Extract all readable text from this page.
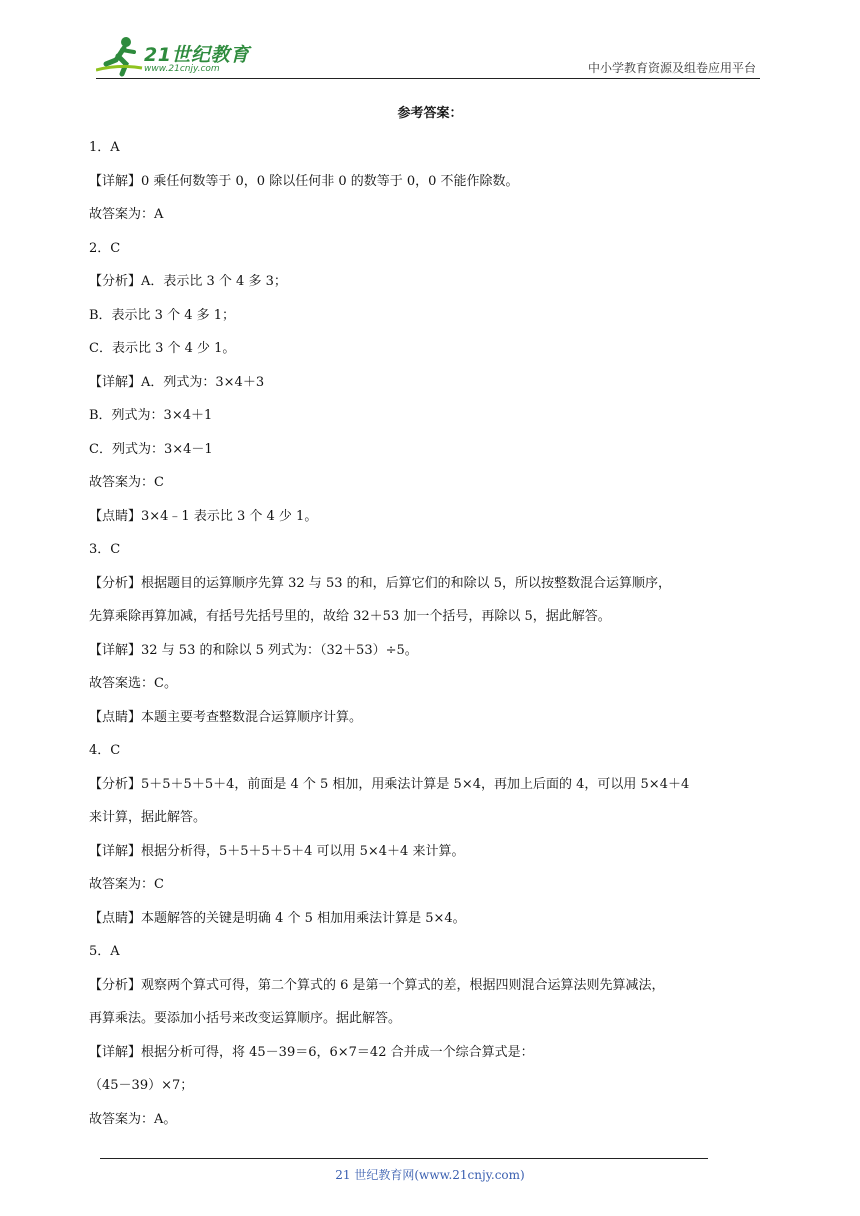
21世纪教育
www.21cnjy.com	中小学教育资源及组卷应用平台
参考答案：

1．A

【详解】0 乘任何数等于 0，0 除以任何非 0 的数等于 0，0 不能作除数。

故答案为：A

2．C

【分析】A．表示比 3 个 4 多 3；

B．表示比 3 个 4 多 1；

C．表示比 3 个 4 少 1。

【详解】A．列式为：3×4＋3

B．列式为：3×4＋1

C．列式为：3×4－1

故答案为：C

【点睛】3×4﹣1 表示比 3 个 4 少 1。

3．C

【分析】根据题目的运算顺序先算 32 与 53 的和，后算它们的和除以 5，所以按整数混合运算顺序，

先算乘除再算加减，有括号先括号里的，故给 32＋53 加一个括号，再除以 5，据此解答。

【详解】32 与 53 的和除以 5 列式为：（32＋53）÷5。

故答案选：C。

【点睛】本题主要考查整数混合运算顺序计算。

4．C

【分析】5＋5＋5＋5＋4，前面是 4 个 5 相加，用乘法计算是 5×4，再加上后面的 4，可以用 5×4＋4

来计算，据此解答。

【详解】根据分析得，5＋5＋5＋5＋4 可以用 5×4＋4 来计算。

故答案为：C

【点睛】本题解答的关键是明确 4 个 5 相加用乘法计算是 5×4。

5．A

【分析】观察两个算式可得，第二个算式的 6 是第一个算式的差，根据四则混合运算法则先算减法，

再算乘法。要添加小括号来改变运算顺序。据此解答。

【详解】根据分析可得，将 45－39＝6，6×7＝42 合并成一个综合算式是：

（45－39）×7；

故答案为：A。

21 世纪教育网(www.21cnjy.com)
